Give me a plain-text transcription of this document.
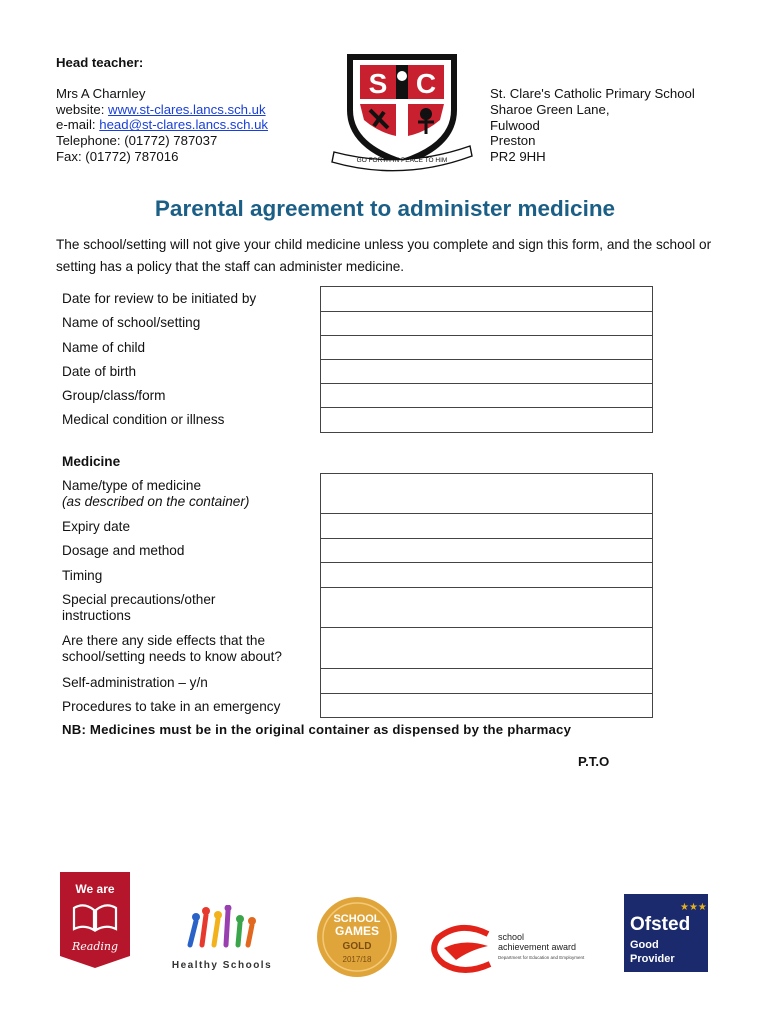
Head teacher:
Mrs A Charnley
website: www.st-clares.lancs.sch.uk
e-mail: head@st-clares.lancs.sch.uk
Telephone: (01772) 787037
Fax: (01772) 787016
S C
GO FORTH IN PEACE TO HIM
St. Clare's Catholic Primary School
Sharoe Green Lane,
Fulwood
Preston
PR2 9HH
Parental agreement to administer medicine
The school/setting will not give your child medicine unless you complete and sign this form, and the school or setting has a policy that the staff can administer medicine.
Date for review to be initiated by
Name of school/setting
Name of child
Date of birth
Group/class/form
Medical condition or illness
Medicine
Name/type of medicine
(as described on the container)
Expiry date
Dosage and method
Timing
Special precautions/other
instructions
Are there any side effects that the
school/setting needs to know about?
Self-administration – y/n
Procedures to take in an emergency
NB: Medicines must be in the original container as dispensed by the pharmacy
P.T.O
We are
Reading
Healthy Schools
SCHOOL
GAMES
GOLD
2017/18
school
achievement award
Department for Education and Employment
★★★
Ofsted
Good
Provider
